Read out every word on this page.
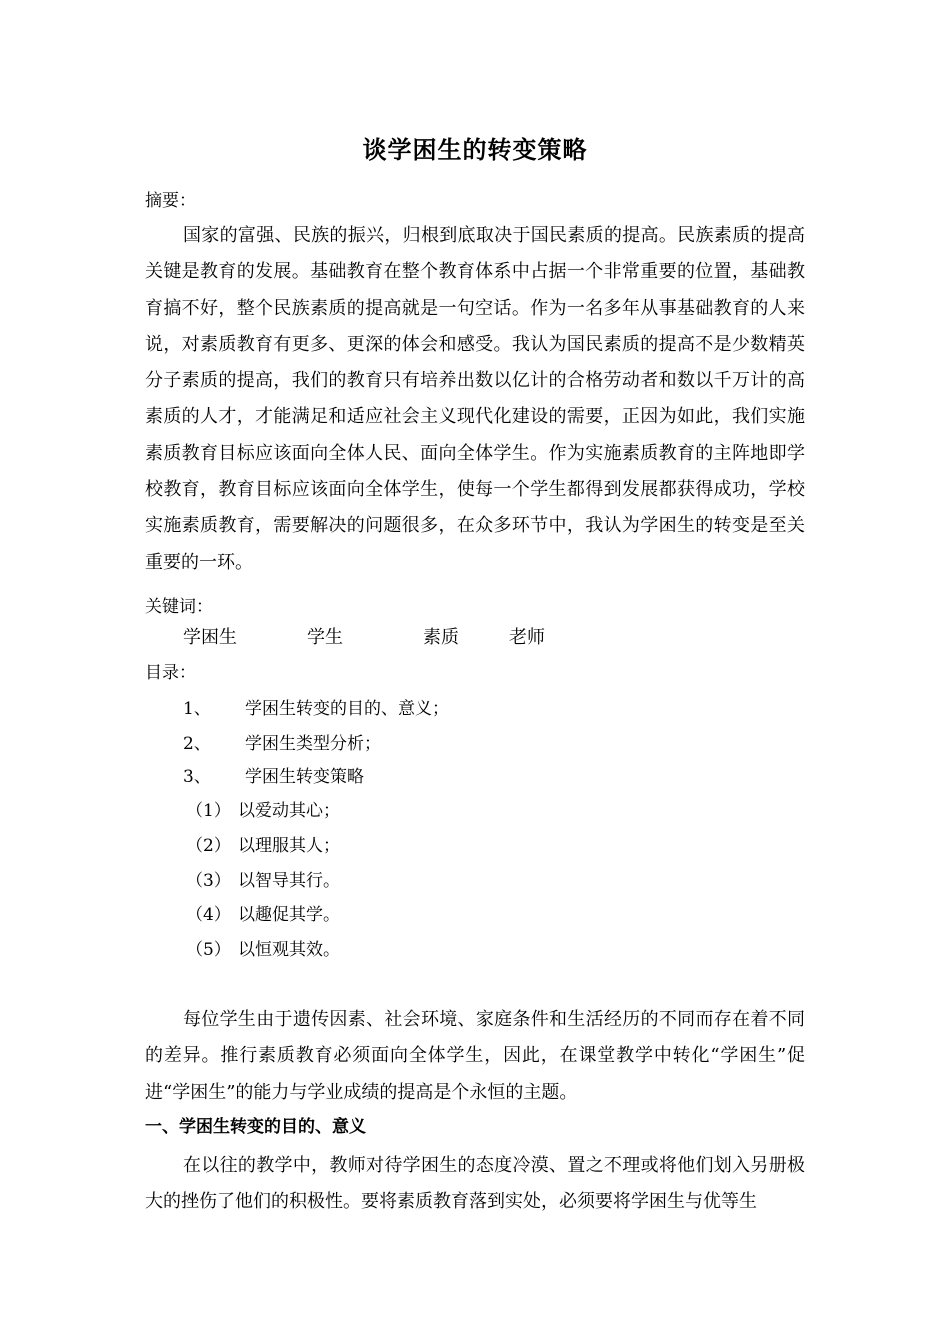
谈学困生的转变策略
摘要：

国家的富强、民族的振兴，归根到底取决于国民素质的提高。民族素质的提高关键是教育的发展。基础教育在整个教育体系中占据一个非常重要的位置，基础教育搞不好，整个民族素质的提高就是一句空话。作为一名多年从事基础教育的人来说，对素质教育有更多、更深的体会和感受。我认为国民素质的提高不是少数精英分子素质的提高，我们的教育只有培养出数以亿计的合格劳动者和数以千万计的高素质的人才，才能满足和适应社会主义现代化建设的需要，正因为如此，我们实施素质教育目标应该面向全体人民、面向全体学生。作为实施素质教育的主阵地即学校教育，教育目标应该面向全体学生，使每一个学生都得到发展都获得成功，学校实施素质教育，需要解决的问题很多，在众多环节中，我认为学困生的转变是至关重要的一环。

关键词：
学困生	学生	素质	老师
目录：
1、 学困生转变的目的、意义；
2、 学困生类型分析；
3、 学困生转变策略
（1） 以爱动其心；
（2） 以理服其人；
（3） 以智导其行。
（4） 以趣促其学。
（5） 以恒观其效。

每位学生由于遗传因素、社会环境、家庭条件和生活经历的不同而存在着不同的差异。推行素质教育必须面向全体学生，因此，在课堂教学中转化“学困生”促进“学困生”的能力与学业成绩的提高是个永恒的主题。

一、学困生转变的目的、意义

在以往的教学中，教师对待学困生的态度冷漠、置之不理或将他们划入另册极大的挫伤了他们的积极性。要将素质教育落到实处，必须要将学困生与优等生
